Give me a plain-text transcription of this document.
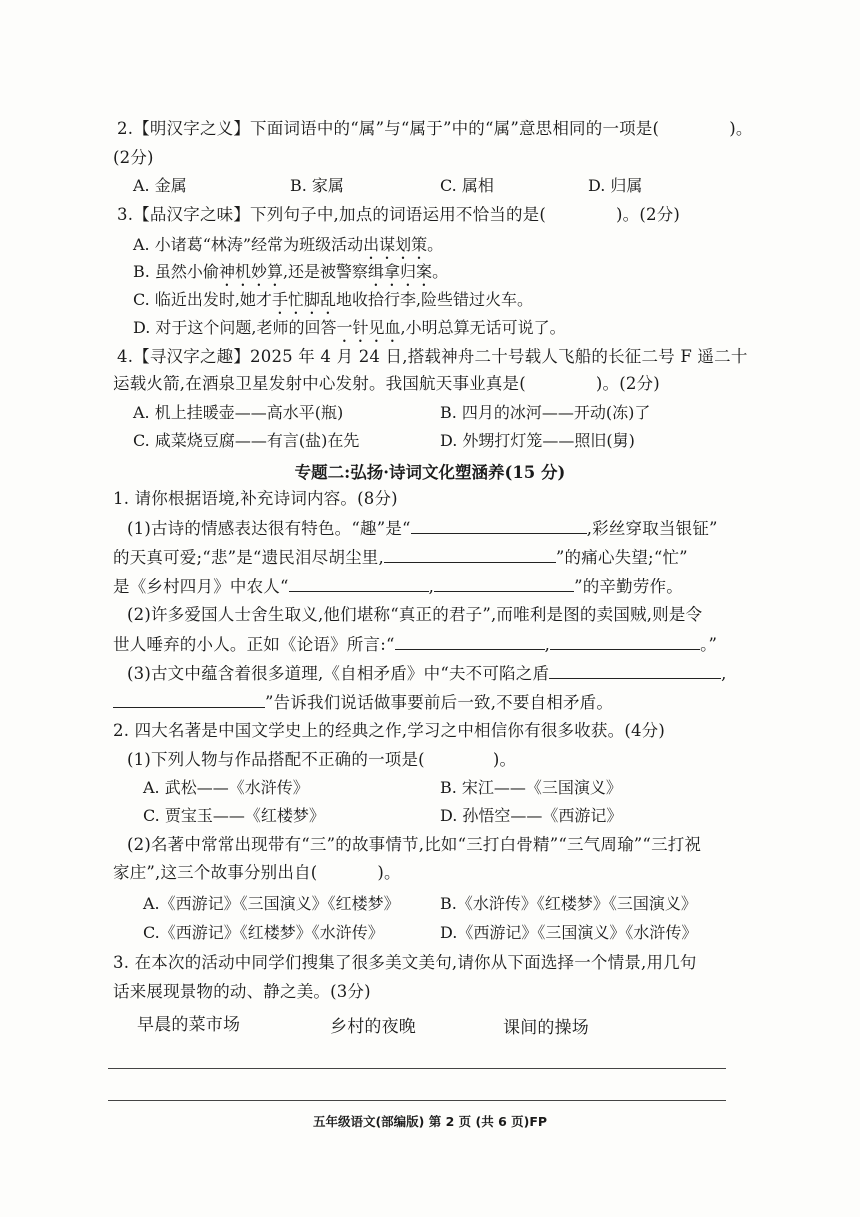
2.【明汉字之义】下面词语中的“属”与“属于”中的“属”意思相同的一项是(	)。
(2分)
A. 金属	B. 家属	C. 属相	D. 归属
3.【品汉字之味】下列句子中,加点的词语运用不恰当的是(	)。(2分)
A. 小诸葛“林涛”经常为班级活动出谋划策。
B. 虽然小偷神机妙算,还是被警察缉拿归案。
C. 临近出发时,她才手忙脚乱地收拾行李,险些错过火车。
D. 对于这个问题,老师的回答一针见血,小明总算无话可说了。
4.【寻汉字之趣】2025 年 4 月 24 日,搭载神舟二十号载人飞船的长征二号 F 遥二十
运载火箭,在酒泉卫星发射中心发射。我国航天事业真是(	)。(2分)
A. 机上挂暖壶——高水平(瓶)	B. 四月的冰河——开动(冻)了
C. 咸菜烧豆腐——有言(盐)在先	D. 外甥打灯笼——照旧(舅)
专题二:弘扬·诗词文化塑涵养(15 分)
1. 请你根据语境,补充诗词内容。(8分)
(1)古诗的情感表达很有特色。“趣”是“	,彩丝穿取当银钲”
的天真可爱;“悲”是“遗民泪尽胡尘里,	”的痛心失望;“忙”
是《乡村四月》中农人“	,	”的辛勤劳作。
(2)许多爱国人士舍生取义,他们堪称“真正的君子”,而唯利是图的卖国贼,则是令
世人唾弃的小人。正如《论语》所言:“	,	。”
(3)古文中蕴含着很多道理,《自相矛盾》中“夫不可陷之盾	,
”告诉我们说话做事要前后一致,不要自相矛盾。
2. 四大名著是中国文学史上的经典之作,学习之中相信你有很多收获。(4分)
(1)下列人物与作品搭配不正确的一项是(	)。
A. 武松——《水浒传》	B. 宋江——《三国演义》
C. 贾宝玉——《红楼梦》	D. 孙悟空——《西游记》
(2)名著中常常出现带有“三”的故事情节,比如“三打白骨精”“三气周瑜”“三打祝
家庄”,这三个故事分别出自(	)。
A.《西游记》《三国演义》《红楼梦》	B.《水浒传》《红楼梦》《三国演义》
C.《西游记》《红楼梦》《水浒传》	D.《西游记》《三国演义》《水浒传》
3. 在本次的活动中同学们搜集了很多美文美句,请你从下面选择一个情景,用几句
话来展现景物的动、静之美。(3分)
早晨的菜市场	乡村的夜晚	课间的操场
五年级语文(部编版) 第 2 页 (共 6 页)FP
